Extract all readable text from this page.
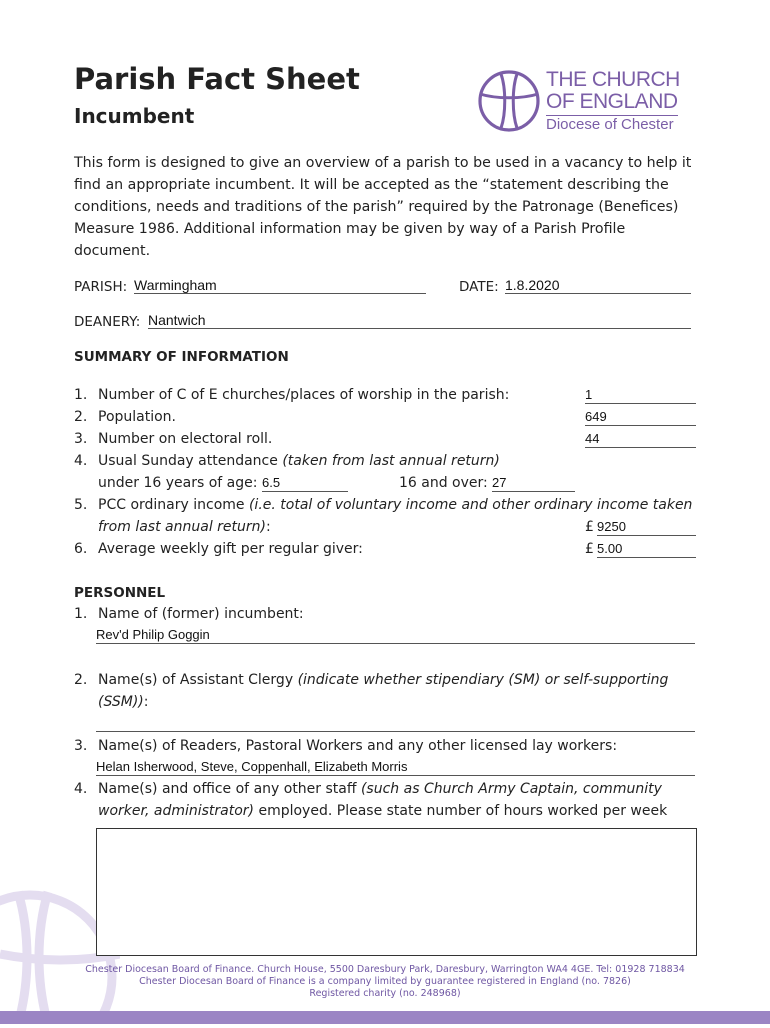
Parish Fact Sheet
Incumbent
THE CHURCH
OF ENGLAND
Diocese of Chester
This form is designed to give an overview of a parish to be used in a vacancy to help it find an appropriate incumbent. It will be accepted as the “statement describing the conditions, needs and traditions of the parish” required by the Patronage (Benefices) Measure 1986. Additional information may be given by way of a Parish Profile document.
PARISH: Warmingham	DATE: 1.8.2020
DEANERY: Nantwich
SUMMARY OF INFORMATION
1. Number of C of E churches/places of worship in the parish:	1
2. Population.	649
3. Number on electoral roll.	44
4. Usual Sunday attendance (taken from last annual return)
under 16 years of age: 6.5	16 and over: 27
5. PCC ordinary income (i.e. total of voluntary income and other ordinary income taken
from last annual return):	£ 9250
6. Average weekly gift per regular giver:	£ 5.00
PERSONNEL
1. Name of (former) incumbent:
Rev'd Philip Goggin
2. Name(s) of Assistant Clergy (indicate whether stipendiary (SM) or self-supporting
(SSM)):
3. Name(s) of Readers, Pastoral Workers and any other licensed lay workers:
Helan Isherwood, Steve, Coppenhall, Elizabeth Morris
4. Name(s) and office of any other staff (such as Church Army Captain, community
worker, administrator) employed. Please state number of hours worked per week
Chester Diocesan Board of Finance. Church House, 5500 Daresbury Park, Daresbury, Warrington WA4 4GE. Tel: 01928 718834
Chester Diocesan Board of Finance is a company limited by guarantee registered in England (no. 7826)
Registered charity (no. 248968)
